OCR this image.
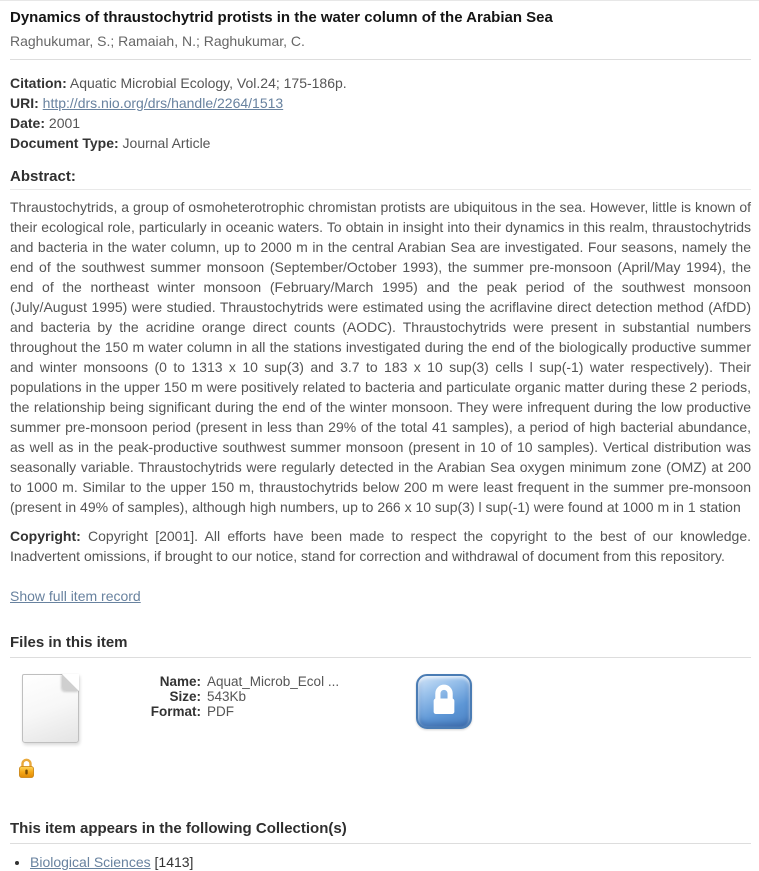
Dynamics of thraustochytrid protists in the water column of the Arabian Sea
Raghukumar, S.; Ramaiah, N.; Raghukumar, C.
Citation: Aquatic Microbial Ecology, Vol.24; 175-186p.
URI: http://drs.nio.org/drs/handle/2264/1513
Date: 2001
Document Type: Journal Article
Abstract:

Thraustochytrids, a group of osmoheterotrophic chromistan protists are ubiquitous in the sea. However, little is known of their ecological role, particularly in oceanic waters. To obtain in insight into their dynamics in this realm, thraustochytrids and bacteria in the water column, up to 2000 m in the central Arabian Sea are investigated. Four seasons, namely the end of the southwest summer monsoon (September/October 1993), the summer pre-monsoon (April/May 1994), the end of the northeast winter monsoon (February/March 1995) and the peak period of the southwest monsoon (July/August 1995) were studied. Thraustochytrids were estimated using the acriflavine direct detection method (AfDD) and bacteria by the acridine orange direct counts (AODC). Thraustochytrids were present in substantial numbers throughout the 150 m water column in all the stations investigated during the end of the biologically productive summer and winter monsoons (0 to 1313 x 10 sup(3) and 3.7 to 183 x 10 sup(3) cells l sup(-1) water respectively). Their populations in the upper 150 m were positively related to bacteria and particulate organic matter during these 2 periods, the relationship being significant during the end of the winter monsoon. They were infrequent during the low productive summer pre-monsoon period (present in less than 29% of the total 41 samples), a period of high bacterial abundance, as well as in the peak-productive southwest summer monsoon (present in 10 of 10 samples). Vertical distribution was seasonally variable. Thraustochytrids were regularly detected in the Arabian Sea oxygen minimum zone (OMZ) at 200 to 1000 m. Similar to the upper 150 m, thraustochytrids below 200 m were least frequent in the summer pre-monsoon (present in 49% of samples), although high numbers, up to 266 x 10 sup(3) l sup(-1) were found at 1000 m in 1 station

Copyright: Copyright [2001]. All efforts have been made to respect the copyright to the best of our knowledge. Inadvertent omissions, if brought to our notice, stand for correction and withdrawal of document from this repository.

Show full item record
Files in this item
Name: Aquat_Microb_Ecol ...
Size: 543Kb
Format: PDF
This item appears in the following Collection(s)
• Biological Sciences [1413]
